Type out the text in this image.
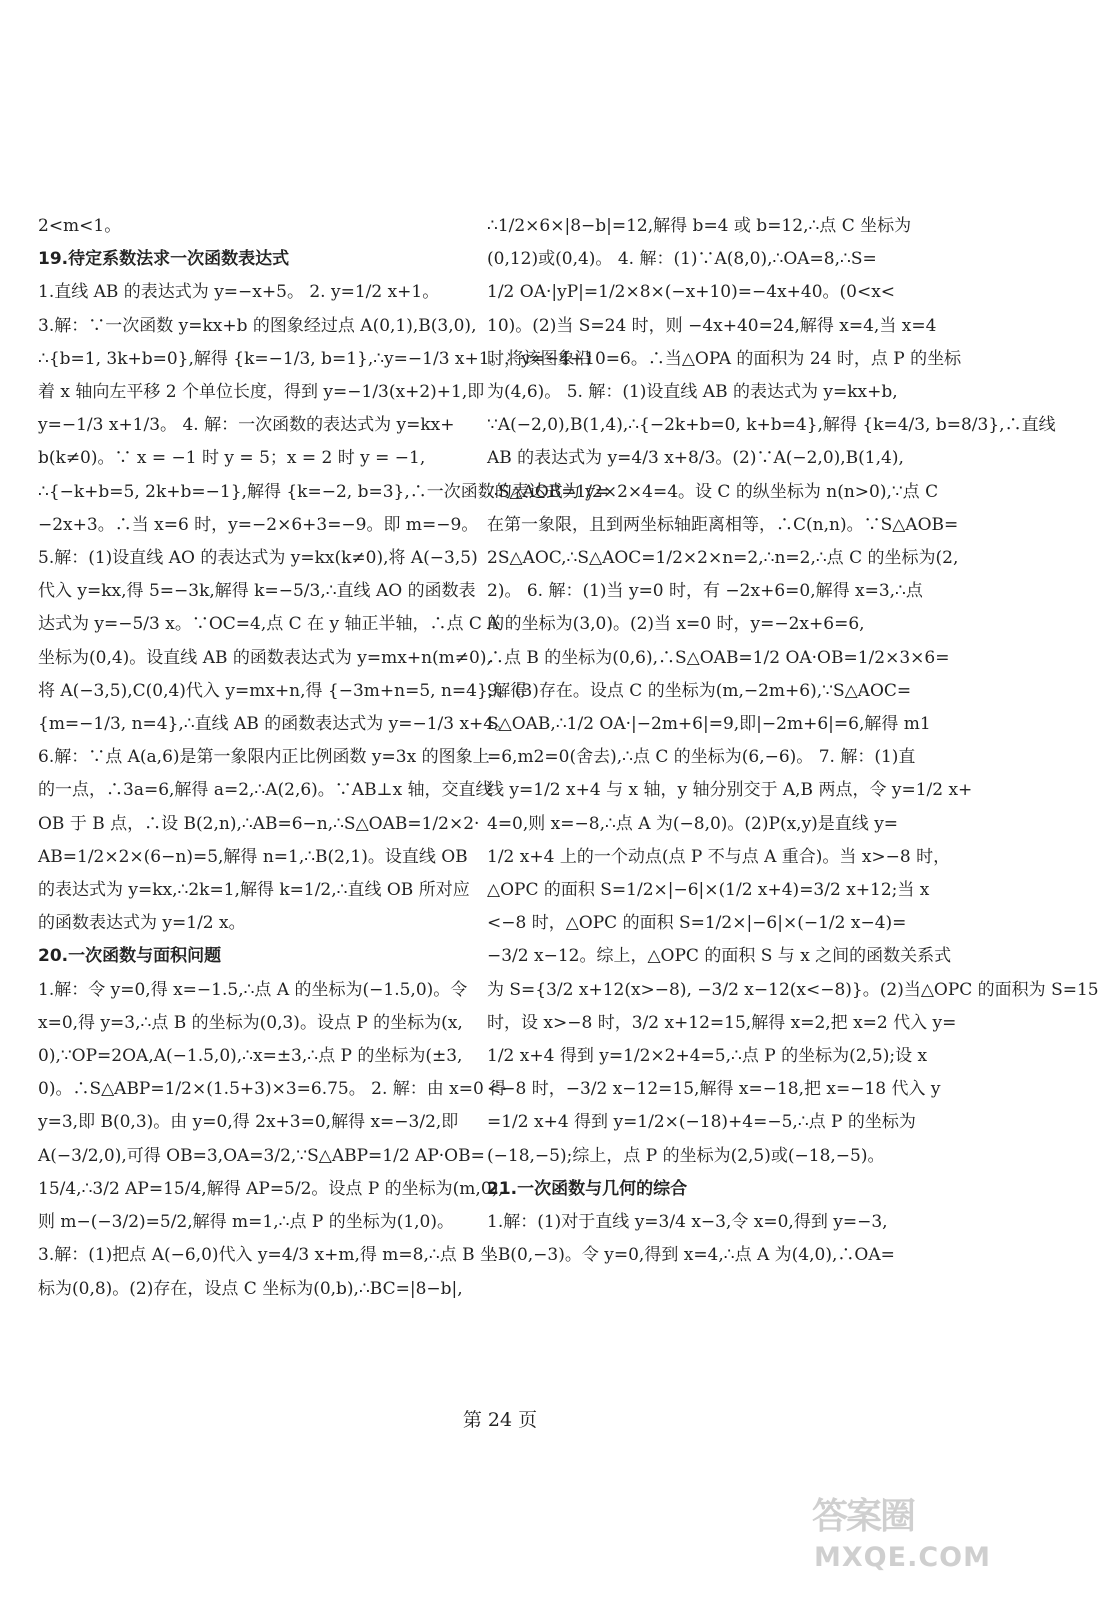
2<m<1。

19.待定系数法求一次函数表达式

1.直线 AB 的表达式为 y=−x+5。 2. y=1/2 x+1。

3.解：∵一次函数 y=kx+b 的图象经过点 A(0,1),B(3,0),

∴{b=1, 3k+b=0},解得 {k=−1/3, b=1},∴y=−1/3 x+1。将该图象沿

着 x 轴向左平移 2 个单位长度，得到 y=−1/3(x+2)+1,即

y=−1/3 x+1/3。 4. 解：一次函数的表达式为 y=kx+

b(k≠0)。∵ x = −1 时 y = 5；x = 2 时 y = −1,

∴{−k+b=5, 2k+b=−1},解得 {k=−2, b=3},∴一次函数的表达式为 y=

−2x+3。∴当 x=6 时，y=−2×6+3=−9。即 m=−9。

5.解：(1)设直线 AO 的表达式为 y=kx(k≠0),将 A(−3,5)

代入 y=kx,得 5=−3k,解得 k=−5/3,∴直线 AO 的函数表

达式为 y=−5/3 x。∵OC=4,点 C 在 y 轴正半轴，∴点 C 的

坐标为(0,4)。设直线 AB 的函数表达式为 y=mx+n(m≠0),

将 A(−3,5),C(0,4)代入 y=mx+n,得 {−3m+n=5, n=4},解得

{m=−1/3, n=4},∴直线 AB 的函数表达式为 y=−1/3 x+4。

6.解：∵点 A(a,6)是第一象限内正比例函数 y=3x 的图象上

的一点，∴3a=6,解得 a=2,∴A(2,6)。∵AB⊥x 轴，交直线

OB 于 B 点，∴设 B(2,n),∴AB=6−n,∴S△OAB=1/2×2·

AB=1/2×2×(6−n)=5,解得 n=1,∴B(2,1)。设直线 OB

的表达式为 y=kx,∴2k=1,解得 k=1/2,∴直线 OB 所对应

的函数表达式为 y=1/2 x。

20.一次函数与面积问题

1.解：令 y=0,得 x=−1.5,∴点 A 的坐标为(−1.5,0)。令

x=0,得 y=3,∴点 B 的坐标为(0,3)。设点 P 的坐标为(x,

0),∵OP=2OA,A(−1.5,0),∴x=±3,∴点 P 的坐标为(±3,

0)。∴S△ABP=1/2×(1.5+3)×3=6.75。 2. 解：由 x=0 得

y=3,即 B(0,3)。由 y=0,得 2x+3=0,解得 x=−3/2,即

A(−3/2,0),可得 OB=3,OA=3/2,∵S△ABP=1/2 AP·OB=

15/4,∴3/2 AP=15/4,解得 AP=5/2。设点 P 的坐标为(m,0),

则 m−(−3/2)=5/2,解得 m=1,∴点 P 的坐标为(1,0)。

3.解：(1)把点 A(−6,0)代入 y=4/3 x+m,得 m=8,∴点 B 坐

标为(0,8)。(2)存在，设点 C 坐标为(0,b),∴BC=|8−b|,

∴1/2×6×|8−b|=12,解得 b=4 或 b=12,∴点 C 坐标为

(0,12)或(0,4)。 4. 解：(1)∵A(8,0),∴OA=8,∴S=

1/2 OA·|yP|=1/2×8×(−x+10)=−4x+40。(0<x<

10)。(2)当 S=24 时，则 −4x+40=24,解得 x=4,当 x=4

时，y=−4+10=6。∴当△OPA 的面积为 24 时，点 P 的坐标

为(4,6)。 5. 解：(1)设直线 AB 的表达式为 y=kx+b,

∵A(−2,0),B(1,4),∴{−2k+b=0, k+b=4},解得 {k=4/3, b=8/3},∴直线

AB 的表达式为 y=4/3 x+8/3。(2)∵A(−2,0),B(1,4),

∴S△AOB=1/2×2×4=4。设 C 的纵坐标为 n(n>0),∵点 C

在第一象限，且到两坐标轴距离相等，∴C(n,n)。∵S△AOB=

2S△AOC,∴S△AOC=1/2×2×n=2,∴n=2,∴点 C 的坐标为(2,

2)。 6. 解：(1)当 y=0 时，有 −2x+6=0,解得 x=3,∴点

A 的坐标为(3,0)。(2)当 x=0 时，y=−2x+6=6,

∴点 B 的坐标为(0,6),∴S△OAB=1/2 OA·OB=1/2×3×6=

9。(3)存在。设点 C 的坐标为(m,−2m+6),∵S△AOC=

S△OAB,∴1/2 OA·|−2m+6|=9,即|−2m+6|=6,解得 m1

=6,m2=0(舍去),∴点 C 的坐标为(6,−6)。 7. 解：(1)直

线 y=1/2 x+4 与 x 轴，y 轴分别交于 A,B 两点，令 y=1/2 x+

4=0,则 x=−8,∴点 A 为(−8,0)。(2)P(x,y)是直线 y=

1/2 x+4 上的一个动点(点 P 不与点 A 重合)。当 x>−8 时，

△OPC 的面积 S=1/2×|−6|×(1/2 x+4)=3/2 x+12;当 x

<−8 时，△OPC 的面积 S=1/2×|−6|×(−1/2 x−4)=

−3/2 x−12。综上，△OPC 的面积 S 与 x 之间的函数关系式

为 S={3/2 x+12(x>−8), −3/2 x−12(x<−8)}。(2)当△OPC 的面积为 S=15

时，设 x>−8 时，3/2 x+12=15,解得 x=2,把 x=2 代入 y=

1/2 x+4 得到 y=1/2×2+4=5,∴点 P 的坐标为(2,5);设 x

<−8 时，−3/2 x−12=15,解得 x=−18,把 x=−18 代入 y

=1/2 x+4 得到 y=1/2×(−18)+4=−5,∴点 P 的坐标为

(−18,−5);综上，点 P 的坐标为(2,5)或(−18,−5)。

21.一次函数与几何的综合

1.解：(1)对于直线 y=3/4 x−3,令 x=0,得到 y=−3,

∴B(0,−3)。令 y=0,得到 x=4,∴点 A 为(4,0),∴OA=

第 24 页
答案圈
MXQE.COM
